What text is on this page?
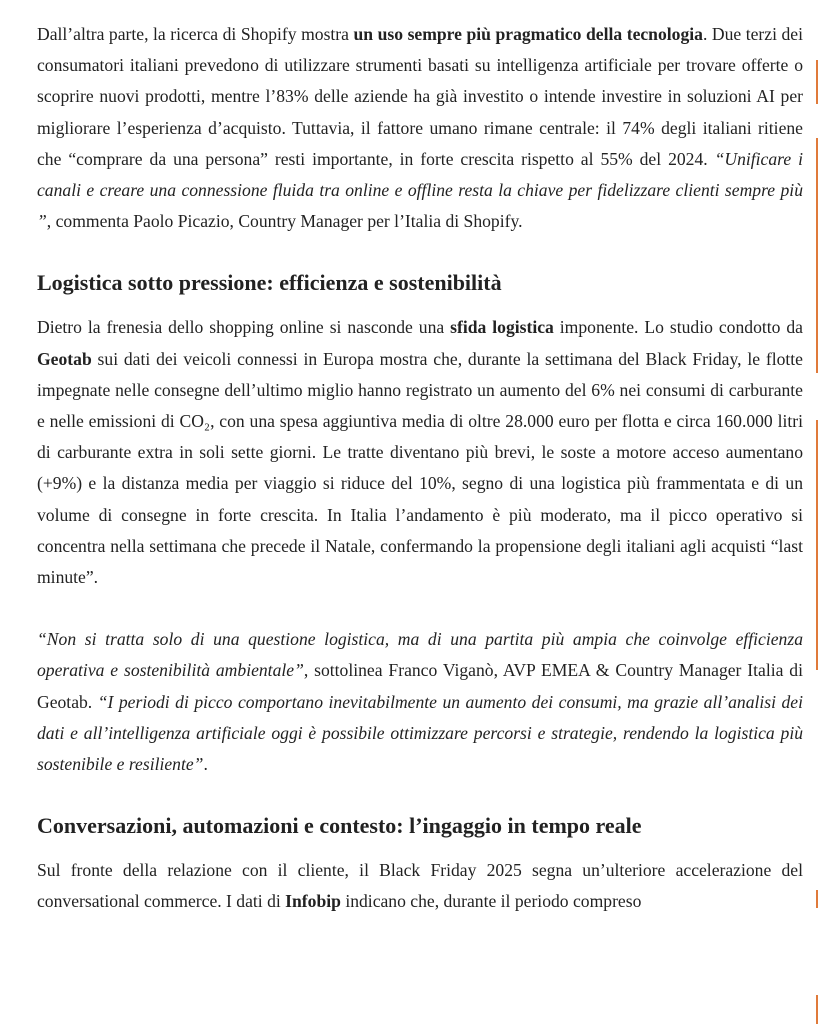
Dall’altra parte, la ricerca di Shopify mostra un uso sempre più pragmatico della tecnologia. Due terzi dei consumatori italiani prevedono di utilizzare strumenti basati su intelligenza artificiale per trovare offerte o scoprire nuovi prodotti, mentre l’83% delle aziende ha già investito o intende investire in soluzioni AI per migliorare l’esperienza d’acquisto. Tuttavia, il fattore umano rimane centrale: il 74% degli italiani ritiene che “comprare da una persona” resti importante, in forte crescita rispetto al 55% del 2024. “Unificare i canali e creare una connessione fluida tra online e offline resta la chiave per fidelizzare clienti sempre più ”, commenta Paolo Picazio, Country Manager per l’Italia di Shopify.

Logistica sotto pressione: efficienza e sostenibilità

Dietro la frenesia dello shopping online si nasconde una sfida logistica imponente. Lo studio condotto da Geotab sui dati dei veicoli connessi in Europa mostra che, durante la settimana del Black Friday, le flotte impegnate nelle consegne dell’ultimo miglio hanno registrato un aumento del 6% nei consumi di carburante e nelle emissioni di CO₂, con una spesa aggiuntiva media di oltre 28.000 euro per flotta e circa 160.000 litri di carburante extra in soli sette giorni. Le tratte diventano più brevi, le soste a motore acceso aumentano (+9%) e la distanza media per viaggio si riduce del 10%, segno di una logistica più frammentata e di un volume di consegne in forte crescita. In Italia l’andamento è più moderato, ma il picco operativo si concentra nella settimana che precede il Natale, confermando la propensione degli italiani agli acquisti “last minute”.

“Non si tratta solo di una questione logistica, ma di una partita più ampia che coinvolge efficienza operativa e sostenibilità ambientale”, sottolinea Franco Viganò, AVP EMEA & Country Manager Italia di Geotab. “I periodi di picco comportano inevitabilmente un aumento dei consumi, ma grazie all’analisi dei dati e all’intelligenza artificiale oggi è possibile ottimizzare percorsi e strategie, rendendo la logistica più sostenibile e resiliente”.

Conversazioni, automazioni e contesto: l’ingaggio in tempo reale

Sul fronte della relazione con il cliente, il Black Friday 2025 segna un’ulteriore accelerazione del conversational commerce. I dati di Infobip indicano che, durante il periodo compreso
